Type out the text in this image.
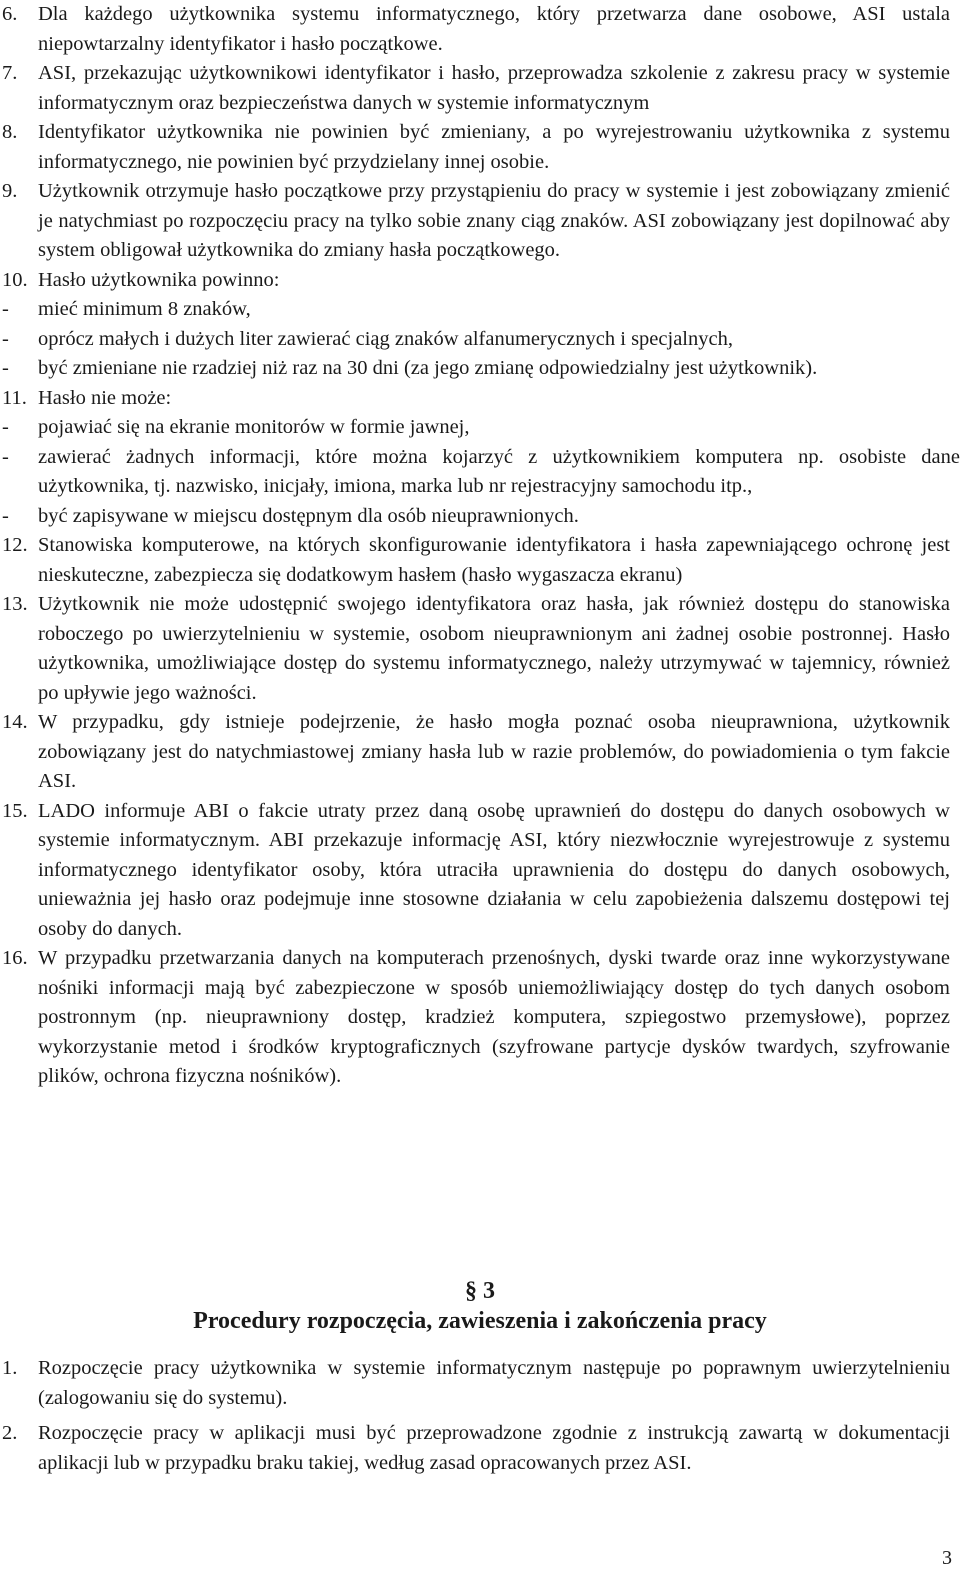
6. Dla każdego użytkownika systemu informatycznego, który przetwarza dane osobowe, ASI ustala niepowtarzalny identyfikator i hasło początkowe.
7. ASI, przekazując użytkownikowi identyfikator i hasło, przeprowadza szkolenie z zakresu pracy w systemie informatycznym oraz bezpieczeństwa danych w systemie informatycznym
8. Identyfikator użytkownika nie powinien być zmieniany, a po wyrejestrowaniu użytkownika z systemu informatycznego, nie powinien być przydzielany innej osobie.
9. Użytkownik otrzymuje hasło początkowe przy przystąpieniu do pracy w systemie i jest zobowiązany zmienić je natychmiast po rozpoczęciu pracy na tylko sobie znany ciąg znaków. ASI zobowiązany jest dopilnować aby system obligował użytkownika do zmiany hasła początkowego.
10. Hasło użytkownika powinno:
- mieć minimum 8 znaków,
- oprócz małych i dużych liter zawierać ciąg znaków alfanumerycznych i specjalnych,
- być zmieniane nie rzadziej niż raz na 30 dni (za jego zmianę odpowiedzialny jest użytkownik).
11. Hasło nie może:
- pojawiać się na ekranie monitorów w formie jawnej,
- zawierać żadnych informacji, które można kojarzyć z użytkownikiem komputera np. osobiste dane użytkownika, tj. nazwisko, inicjały, imiona, marka lub nr rejestracyjny samochodu itp.,
- być zapisywane w miejscu dostępnym dla osób nieuprawnionych.
12. Stanowiska komputerowe, na których skonfigurowanie identyfikatora i hasła zapewniającego ochronę jest nieskuteczne, zabezpiecza się dodatkowym hasłem (hasło wygaszacza ekranu)
13. Użytkownik nie może udostępnić swojego identyfikatora oraz hasła, jak również dostępu do stanowiska roboczego po uwierzytelnieniu w systemie, osobom nieuprawnionym ani żadnej osobie postronnej. Hasło użytkownika, umożliwiające dostęp do systemu informatycznego, należy utrzymywać w tajemnicy, również po upływie jego ważności.
14. W przypadku, gdy istnieje podejrzenie, że hasło mogła poznać osoba nieuprawniona, użytkownik zobowiązany jest do natychmiastowej zmiany hasła lub w razie problemów, do powiadomienia o tym fakcie ASI.
15. LADO informuje ABI o fakcie utraty przez daną osobę uprawnień do dostępu do danych osobowych w systemie informatycznym. ABI przekazuje informację ASI, który niezwłocznie wyrejestrowuje z systemu informatycznego identyfikator osoby, która utraciła uprawnienia do dostępu do danych osobowych, unieważnia jej hasło oraz podejmuje inne stosowne działania w celu zapobieżenia dalszemu dostępowi tej osoby do danych.
16. W przypadku przetwarzania danych na komputerach przenośnych, dyski twarde oraz inne wykorzystywane nośniki informacji mają być zabezpieczone w sposób uniemożliwiający dostęp do tych danych osobom postronnym (np. nieuprawniony dostęp, kradzież komputera, szpiegostwo przemysłowe), poprzez wykorzystanie metod i środków kryptograficznych (szyfrowane partycje dysków twardych, szyfrowanie plików, ochrona fizyczna nośników).
§ 3
Procedury rozpoczęcia, zawieszenia i zakończenia pracy
1. Rozpoczęcie pracy użytkownika w systemie informatycznym następuje po poprawnym uwierzytelnieniu (zalogowaniu się do systemu).
2. Rozpoczęcie pracy w aplikacji musi być przeprowadzone zgodnie z instrukcją zawartą w dokumentacji aplikacji lub w przypadku braku takiej, według zasad opracowanych przez ASI.
3
